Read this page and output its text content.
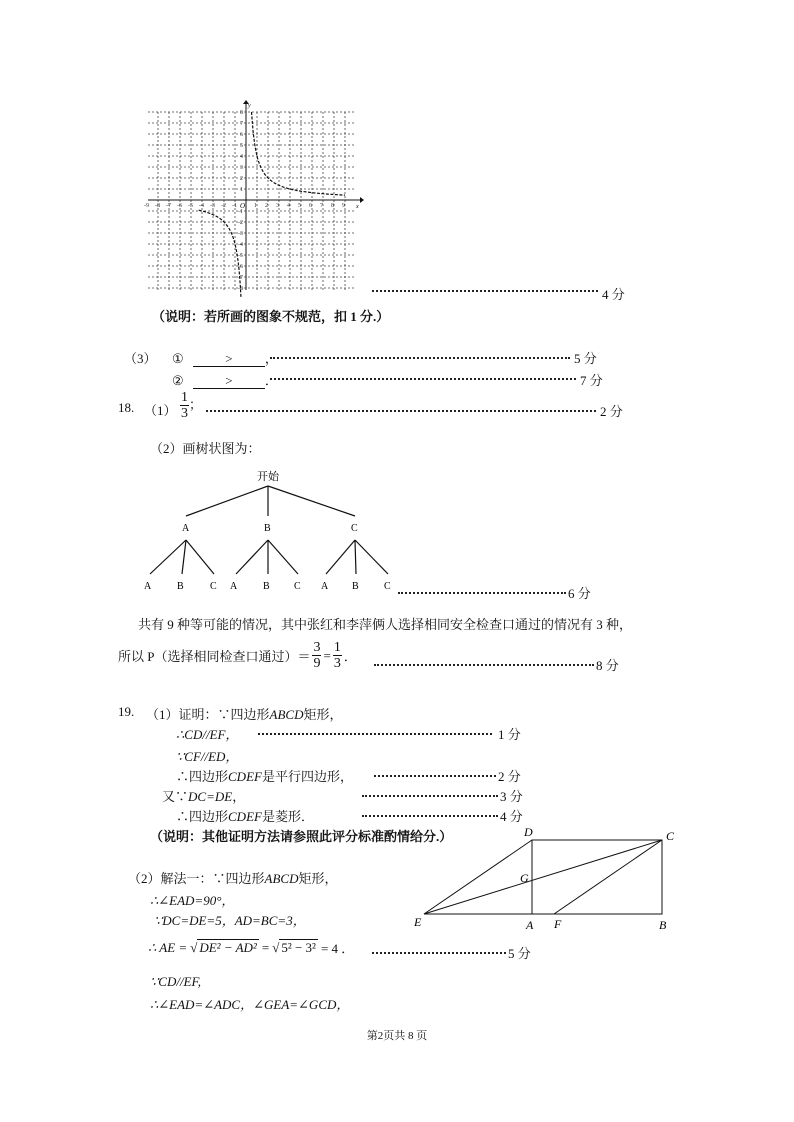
-9 -8 -7 -6 -5 -4 -3 -2 -1	1 2 3 4 5 6 7 8 9
1
2
3
4
5
6
7
8
-1
-2
-3
-4
-5
-6
-7
-8
O	x
y
4 分
（说明：若所画的图象不规范，扣 1 分.）
（3） ①	> ，	5 分
②	> ．	7 分
18. $(1) \frac{1}{3}$ ；	2 分
（2）画树状图为：
开始
A	B	C
A	B	C A	B C A B	C	6 分
共有 9 种等可能的情况，其中张红和李萍俩人选择相同安全检查口通过的情况有 3 种，
所以 P（选择相同检查口通过）＝ $\frac{3}{9} = \frac{1}{3}$ ．
8 分
19. （1）证明：∵四边形ABCD矩形，
∴CD//EF，	1 分
∵CF//ED，
∴四边形CDEF是平行四边形，	2 分
又∵DC=DE，	3 分
∴四边形CDEF是菱形．	4 分
（说明：其他证明方法请参照此评分标准酌情给分.）	D	C
G
E	A F	B
（2）解法一：∵四边形ABCD矩形，
∴∠EAD=90°，
∵DC=DE=5，AD=BC=3，
∴ AE = √ DE² − AD² = √ 5² − 3² = 4 ．	5 分
∵CD//EF,
∴∠EAD=∠ADC，∠GEA=∠GCD，
第2页共 8 页
